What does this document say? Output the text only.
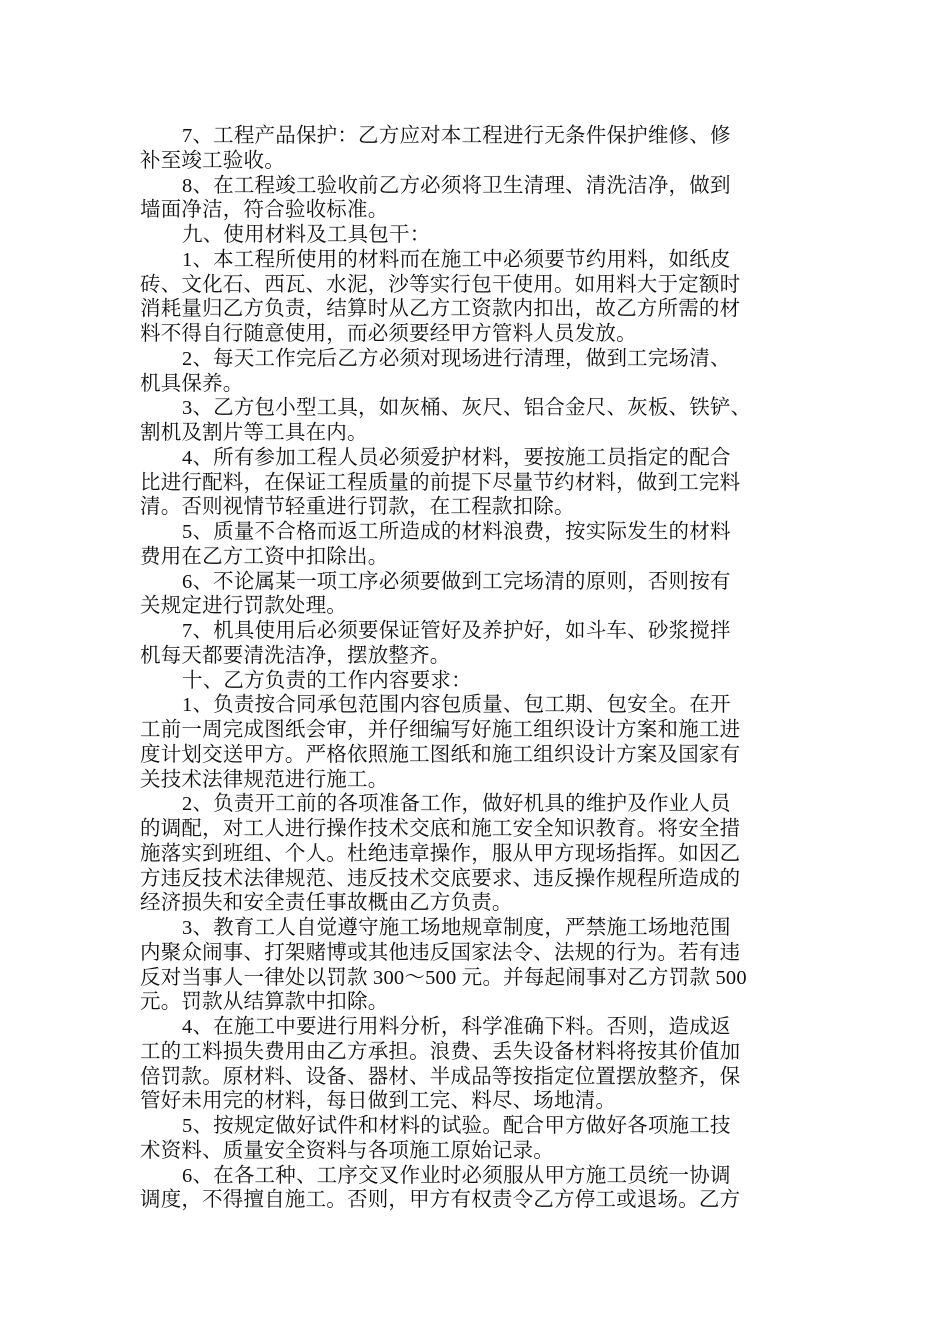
7、工程产品保护：乙方应对本工程进行无条件保护维修、修
补至竣工验收。
8、在工程竣工验收前乙方必须将卫生清理、清洗洁净，做到
墙面净洁，符合验收标准。
九、使用材料及工具包干：
1、本工程所使用的材料而在施工中必须要节约用料，如纸皮
砖、文化石、西瓦、水泥，沙等实行包干使用。如用料大于定额时
消耗量归乙方负责，结算时从乙方工资款内扣出，故乙方所需的材
料不得自行随意使用，而必须要经甲方管料人员发放。
2、每天工作完后乙方必须对现场进行清理，做到工完场清、
机具保养。
3、乙方包小型工具，如灰桶、灰尺、铝合金尺、灰板、铁铲、
割机及割片等工具在内。
4、所有参加工程人员必须爱护材料，要按施工员指定的配合
比进行配料，在保证工程质量的前提下尽量节约材料，做到工完料
清。否则视情节轻重进行罚款，在工程款扣除。
5、质量不合格而返工所造成的材料浪费，按实际发生的材料
费用在乙方工资中扣除出。
6、不论属某一项工序必须要做到工完场清的原则，否则按有
关规定进行罚款处理。
7、机具使用后必须要保证管好及养护好，如斗车、砂浆搅拌
机每天都要清洗洁净，摆放整齐。
十、乙方负责的工作内容要求：
1、负责按合同承包范围内容包质量、包工期、包安全。在开
工前一周完成图纸会审，并仔细编写好施工组织设计方案和施工进
度计划交送甲方。严格依照施工图纸和施工组织设计方案及国家有
关技术法律规范进行施工。
2、负责开工前的各项准备工作，做好机具的维护及作业人员
的调配，对工人进行操作技术交底和施工安全知识教育。将安全措
施落实到班组、个人。杜绝违章操作，服从甲方现场指挥。如因乙
方违反技术法律规范、违反技术交底要求、违反操作规程所造成的
经济损失和安全责任事故概由乙方负责。
3、教育工人自觉遵守施工场地规章制度，严禁施工场地范围
内聚众闹事、打架赌博或其他违反国家法令、法规的行为。若有违
反对当事人一律处以罚款 300～500 元。并每起闹事对乙方罚款 500
元。罚款从结算款中扣除。
4、在施工中要进行用料分析，科学准确下料。否则，造成返
工的工料损失费用由乙方承担。浪费、丢失设备材料将按其价值加
倍罚款。原材料、设备、器材、半成品等按指定位置摆放整齐，保
管好未用完的材料，每日做到工完、料尽、场地清。
5、按规定做好试件和材料的试验。配合甲方做好各项施工技
术资料、质量安全资料与各项施工原始记录。
6、在各工种、工序交叉作业时必须服从甲方施工员统一协调
调度，不得擅自施工。否则，甲方有权责令乙方停工或退场。乙方
